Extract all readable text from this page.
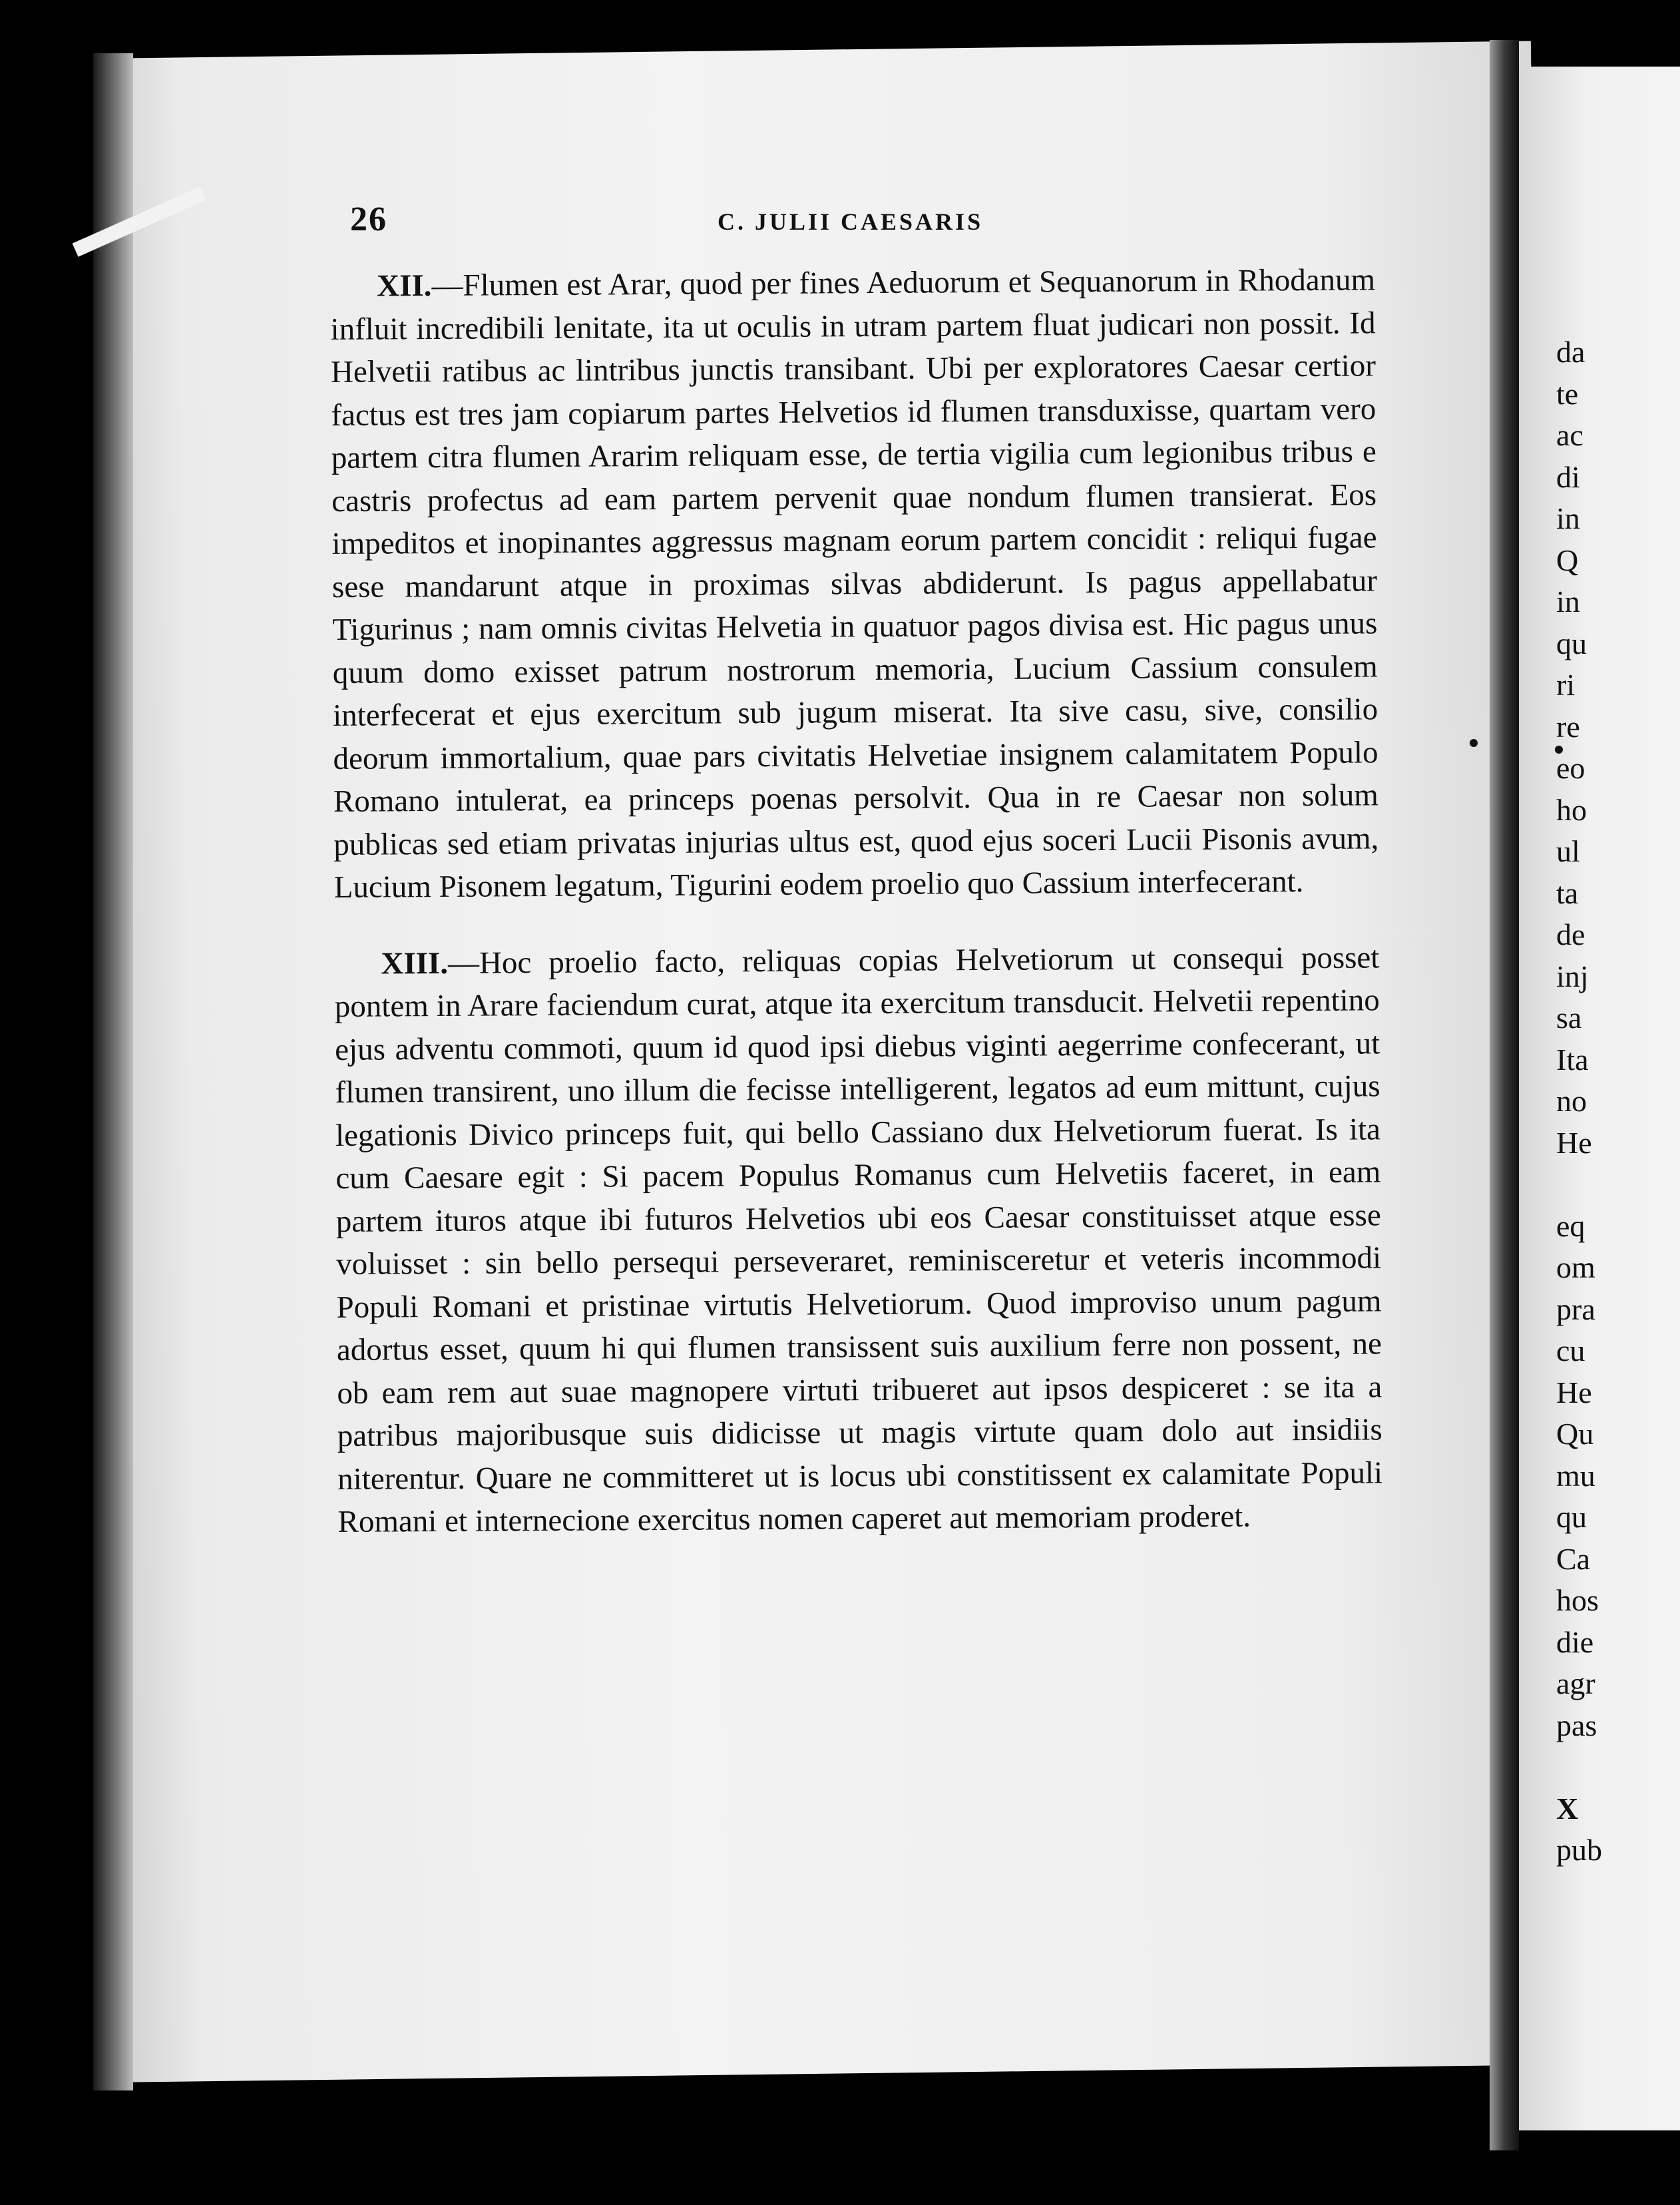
26	C. JULII CAESARIS

XII.—Flumen est Arar, quod per fines Aeduorum et Sequanorum in Rhodanum influit incredibili lenitate, ita ut oculis in utram partem fluat judicari non possit. Id Helvetii ratibus ac lintribus junctis transibant. Ubi per exploratores Caesar certior factus est tres jam copiarum partes Helvetios id flumen transduxisse, quartam vero partem citra flumen Ararim reliquam esse, de tertia vigilia cum legionibus tribus e castris profectus ad eam partem pervenit quae nondum flumen transierat. Eos impeditos et inopinantes aggressus magnam eorum partem concidit : reliqui fugae sese mandarunt atque in proximas silvas abdiderunt. Is pagus appellabatur Tigurinus ; nam omnis civitas Helvetia in quatuor pagos divisa est. Hic pagus unus quum domo exisset patrum nostrorum memoria, Lucium Cassium consulem interfecerat et ejus exercitum sub jugum miserat. Ita sive casu, sive, consilio deorum immortalium, quae pars civitatis Helvetiae insignem calamitatem Populo Romano intulerat, ea princeps poenas persolvit. Qua in re Caesar non solum publicas sed etiam privatas injurias ultus est, quod ejus soceri Lucii Pisonis avum, Lucium Pisonem legatum, Tigurini eodem proelio quo Cassium interfecerant.

XIII.—Hoc proelio facto, reliquas copias Helvetiorum ut consequi posset pontem in Arare faciendum curat, atque ita exercitum transducit. Helvetii repentino ejus adventu commoti, quum id quod ipsi diebus viginti aegerrime confecerant, ut flumen transirent, uno illum die fecisse intelligerent, legatos ad eum mittunt, cujus legationis Divico princeps fuit, qui bello Cassiano dux Helvetiorum fuerat. Is ita cum Caesare egit : Si pacem Populus Romanus cum Helvetiis faceret, in eam partem ituros atque ibi futuros Helvetios ubi eos Caesar constituisset atque esse voluisset : sin bello persequi perseveraret, reminisceretur et veteris incommodi Populi Romani et pristinae virtutis Helvetiorum. Quod improviso unum pagum adortus esset, quum hi qui flumen transissent suis auxilium ferre non possent, ne ob eam rem aut suae magnopere virtuti tribueret aut ipsos despiceret : se ita a patribus majoribusque suis didicisse ut magis virtute quam dolo aut insidiis niterentur. Quare ne committeret ut is locus ubi constitissent ex calamitate Populi Romani et internecione exercitus nomen caperet aut memoriam proderet.

da
te
ac
di
in
Q
in
qu
ri
re
eo
ho
ul
ta
de
inj
sa
Ita
no
He
eq
om
pra
cu
He
Qu
mu
qu
Ca
hos
die
agr
pas
X
pub
